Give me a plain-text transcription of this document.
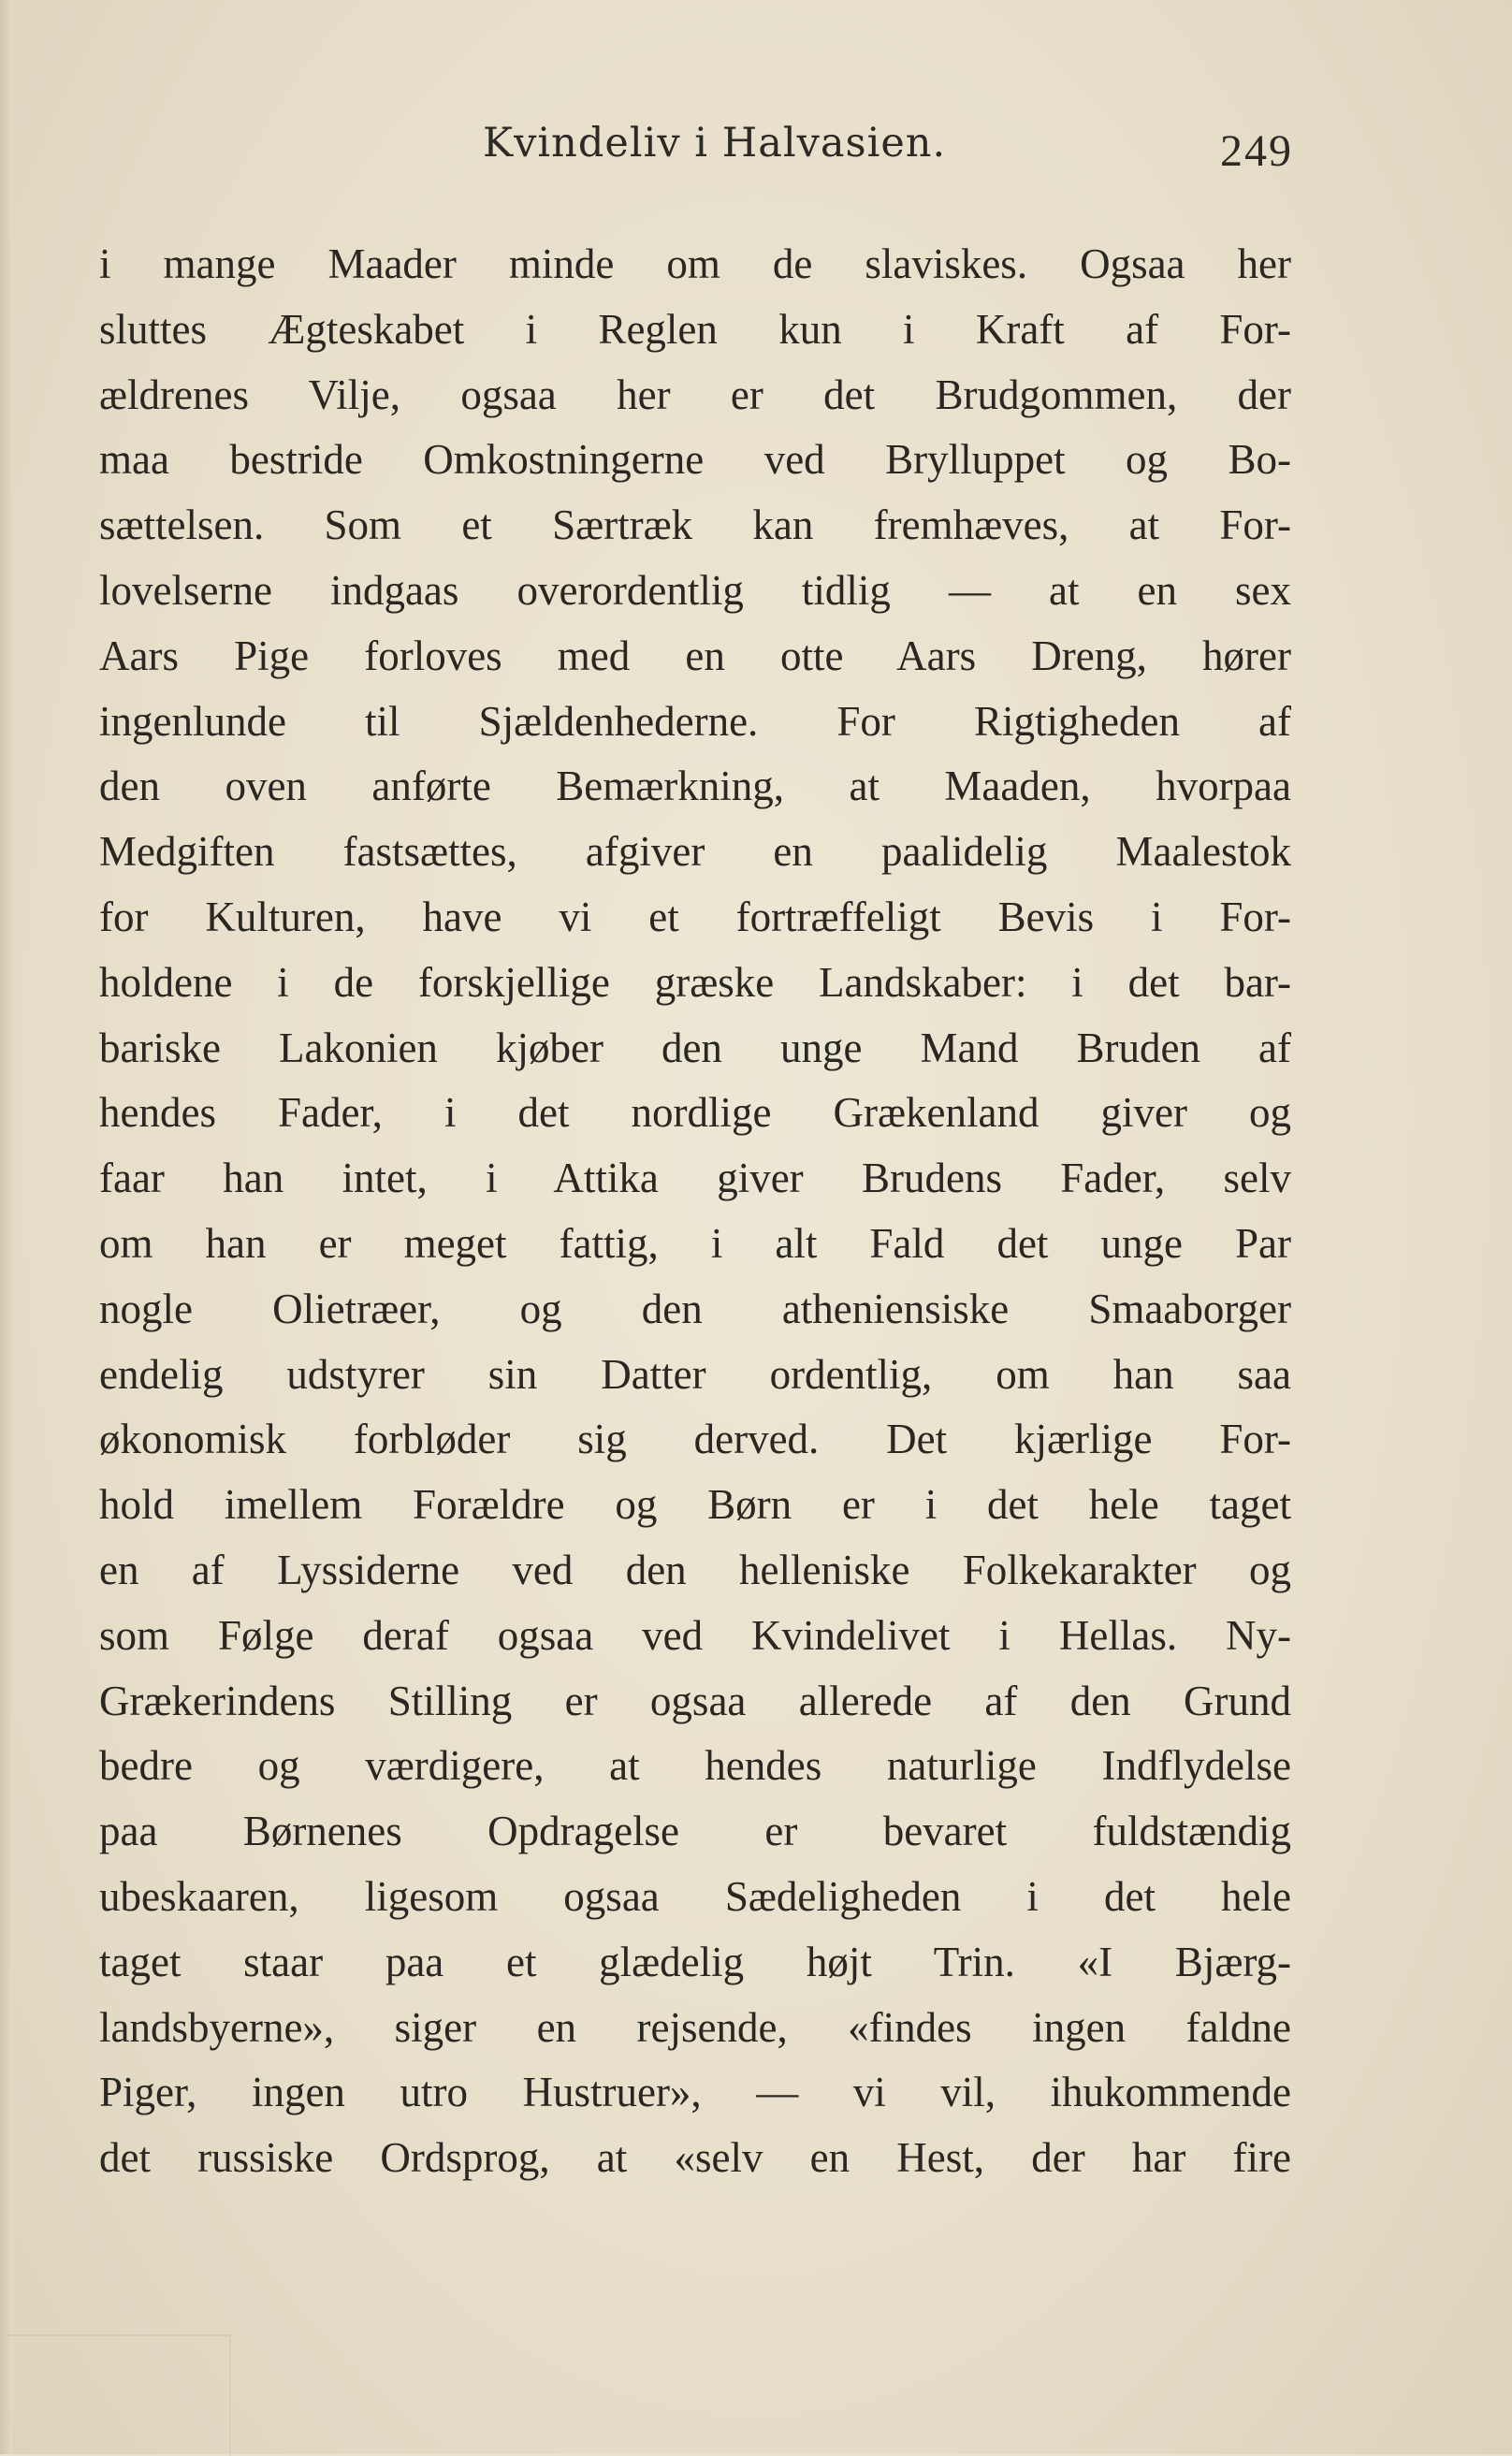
Kvindeliv i Halvasien.	249
i mange Maader minde om de slaviskes. Ogsaa her
sluttes Ægteskabet i Reglen kun i Kraft af For-
ældrenes Vilje, ogsaa her er det Brudgommen, der
maa bestride Omkostningerne ved Brylluppet og Bo-
sættelsen. Som et Særtræk kan fremhæves, at For-
lovelserne indgaas overordentlig tidlig — at en sex
Aars Pige forloves med en otte Aars Dreng, hører
ingenlunde til Sjældenhederne. For Rigtigheden af
den oven anførte Bemærkning, at Maaden, hvorpaa
Medgiften fastsættes, afgiver en paalidelig Maalestok
for Kulturen, have vi et fortræffeligt Bevis i For-
holdene i de forskjellige græske Landskaber: i det bar-
bariske Lakonien kjøber den unge Mand Bruden af
hendes Fader, i det nordlige Grækenland giver og
faar han intet, i Attika giver Brudens Fader, selv
om han er meget fattig, i alt Fald det unge Par
nogle Olietræer, og den atheniensiske Smaaborger
endelig udstyrer sin Datter ordentlig, om han saa
økonomisk forbløder sig derved. Det kjærlige For-
hold imellem Forældre og Børn er i det hele taget
en af Lyssiderne ved den helleniske Folkekarakter og
som Følge deraf ogsaa ved Kvindelivet i Hellas. Ny-
Grækerindens Stilling er ogsaa allerede af den Grund
bedre og værdigere, at hendes naturlige Indflydelse
paa Børnenes Opdragelse er bevaret fuldstændig
ubeskaaren, ligesom ogsaa Sædeligheden i det hele
taget staar paa et glædelig højt Trin. «I Bjærg-
landsbyerne», siger en rejsende, «findes ingen faldne
Piger, ingen utro Hustruer», — vi vil, ihukommende
det russiske Ordsprog, at «selv en Hest, der har fire
